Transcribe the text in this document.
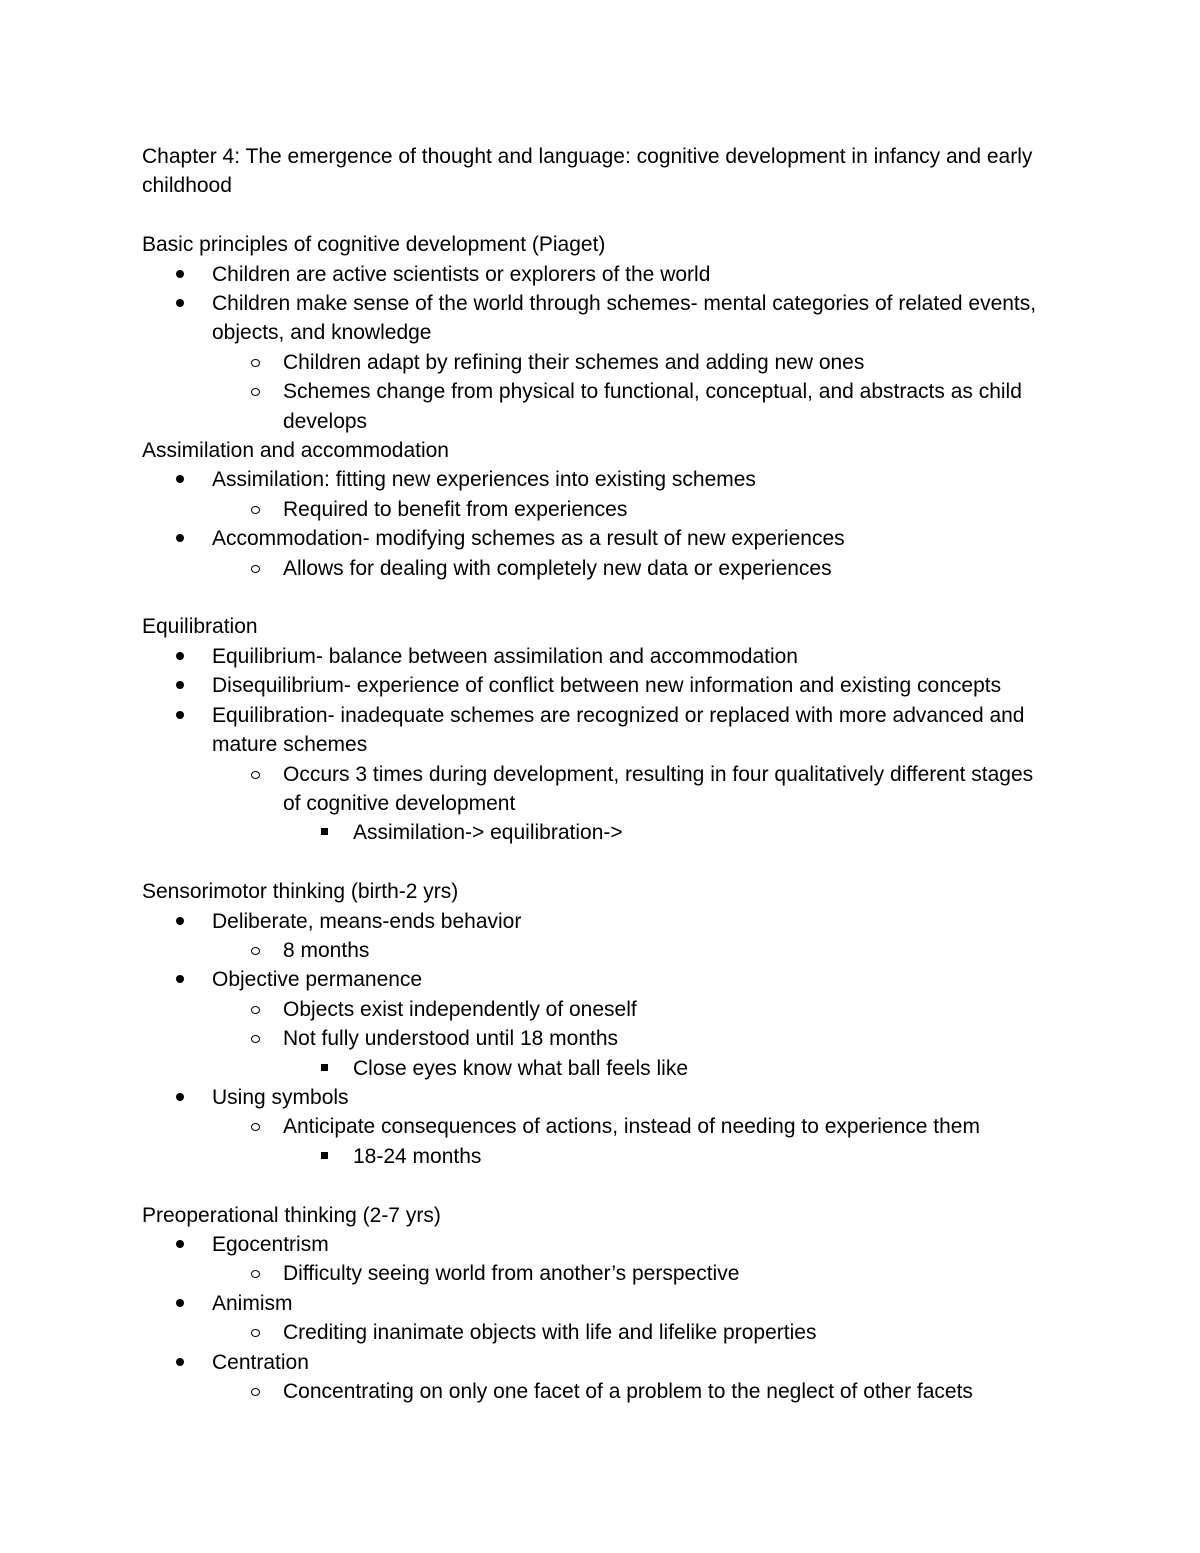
Chapter 4: The emergence of thought and language: cognitive development in infancy and early
childhood
Basic principles of cognitive development (Piaget)
Children are active scientists or explorers of the world
Children make sense of the world through schemes- mental categories of related events,
objects, and knowledge
Children adapt by refining their schemes and adding new ones
Schemes change from physical to functional, conceptual, and abstracts as child
develops
Assimilation and accommodation
Assimilation: fitting new experiences into existing schemes
Required to benefit from experiences
Accommodation- modifying schemes as a result of new experiences
Allows for dealing with completely new data or experiences
Equilibration
Equilibrium- balance between assimilation and accommodation
Disequilibrium- experience of conflict between new information and existing concepts
Equilibration- inadequate schemes are recognized or replaced with more advanced and
mature schemes
Occurs 3 times during development, resulting in four qualitatively different stages
of cognitive development
Assimilation-> equilibration->
Sensorimotor thinking (birth-2 yrs)
Deliberate, means-ends behavior
8 months
Objective permanence
Objects exist independently of oneself
Not fully understood until 18 months
Close eyes know what ball feels like
Using symbols
Anticipate consequences of actions, instead of needing to experience them
18-24 months
Preoperational thinking (2-7 yrs)
Egocentrism
Difficulty seeing world from another’s perspective
Animism
Crediting inanimate objects with life and lifelike properties
Centration
Concentrating on only one facet of a problem to the neglect of other facets
